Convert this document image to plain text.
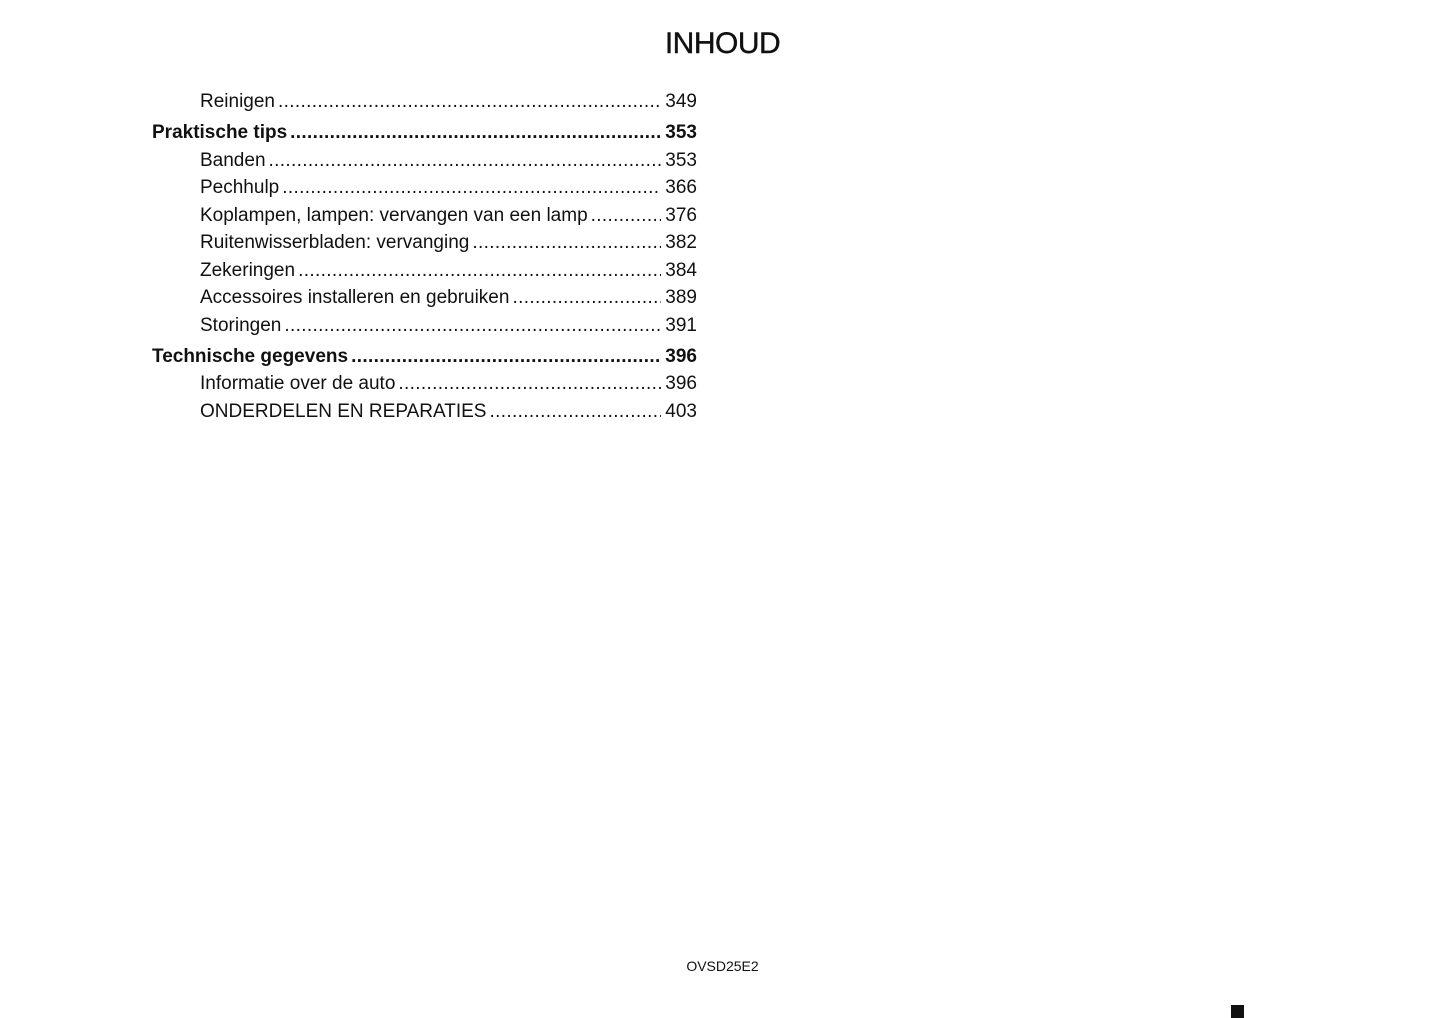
INHOUD
Reinigen .....	349
Praktische tips .....	353
Banden .....	353
Pechhulp .....	366
Koplampen, lampen: vervangen van een lamp .....	376
Ruitenwisserbladen: vervanging .....	382
Zekeringen .....	384
Accessoires installeren en gebruiken .....	389
Storingen .....	391
Technische gegevens .....	396
Informatie over de auto .....	396
ONDERDELEN EN REPARATIES .....	403
OVSD25E2
